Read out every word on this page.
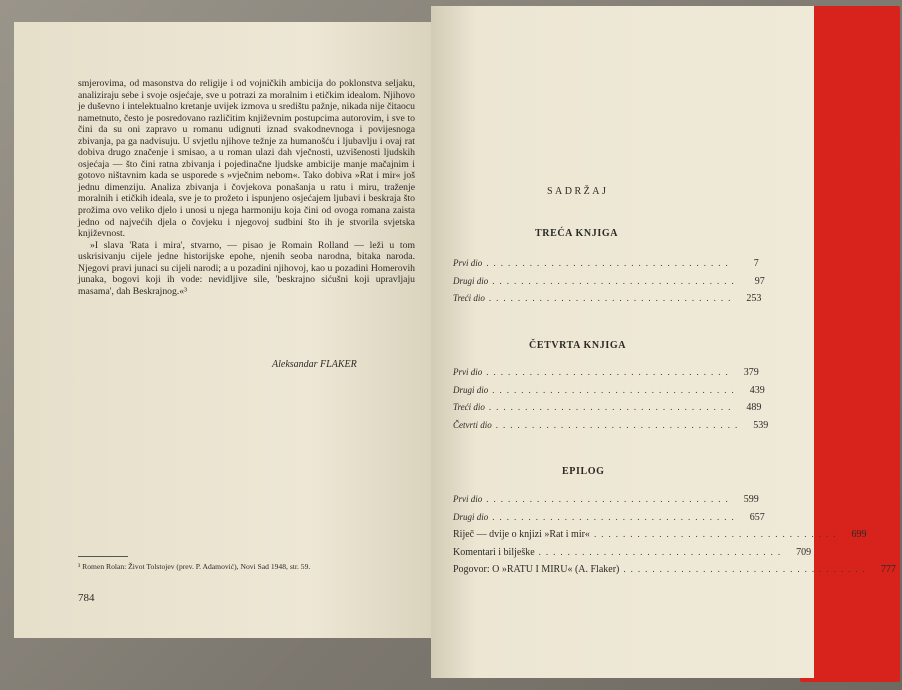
smjerovima, od masonstva do religije i od vojničkih ambicija do poklonstva seljaku, analiziraju sebe i svoje osjećaje, sve u potrazi za moralnim i etičkim idealom. Njihovo je duševno i intelektualno kretanje uvijek izmova u središtu pažnje, nikada nije čitaocu nametnuto, često je posredovano različitim književnim postupcima autorovim, i sve to čini da su oni zapravo u romanu udignuti iznad svakodnevnoga i povijesnoga zbivanja, pa ga nadvisuju. U svjetlu njihove težnje za humanošću i ljubavlju i ovaj rat dobiva drugo značenje i smisao, a u roman ulazi dah vječnosti, uzvišenosti ljudskih osjećaja — što čini ratna zbivanja i pojedinačne ljudske ambicije manje mačajnim i gotovo ništavnim kada se usporede s »vječnim nebom«. Tako dobiva »Rat i mir« još jednu dimenziju. Analiza zbivanja i čovjekova ponašanja u ratu i miru, traženje moralnih i etičkih ideala, sve je to prožeto i ispunjeno osjećajem ljubavi i beskraja što prožima ovo veliko djelo i unosi u njega harmoniju koja čini od ovoga romana zaista jedno od najvećih djela o čovjeku i njegovoj sudbini što ih je stvorila svjetska književnost.

»I slava 'Rata i mira', stvarno, — pisao je Romain Rolland — leži u tom uskrisivanju cijele jedne historijske epohe, njenih seoba narodna, bitaka naroda. Njegovi pravi junaci su cijeli narodi; a u pozadini njihovoj, kao u pozadini Homerovih junaka, bogovi koji ih vode: nevidljive sile, 'beskrajno sićušni koji upravljaju masama', dah Beskrajnog.«³

Aleksandar FLAKER
³ Romen Rolan: Život Tolstojev (prev. P. Adamović), Novi Sad 1948, str. 59.
784
SADRŽAJ
TREĆA KNJIGA
Prvi dio ..................................	7
Drugi dio ..................................	97
Treći dio ..................................	253
ČETVRTA KNJIGA
Prvi dio ..................................	379
Drugi dio ..................................	439
Treći dio ..................................	489
Četvrti dio ..................................	539
EPILOG
Prvi dio ..................................	599
Drugi dio ..................................	657
Riječ — dvije o knjizi »Rat i mir« ..................................	699
Komentari i bilješke ..................................	709
Pogovor: O »RATU I MIRU« (A. Flaker) ..................................	777
